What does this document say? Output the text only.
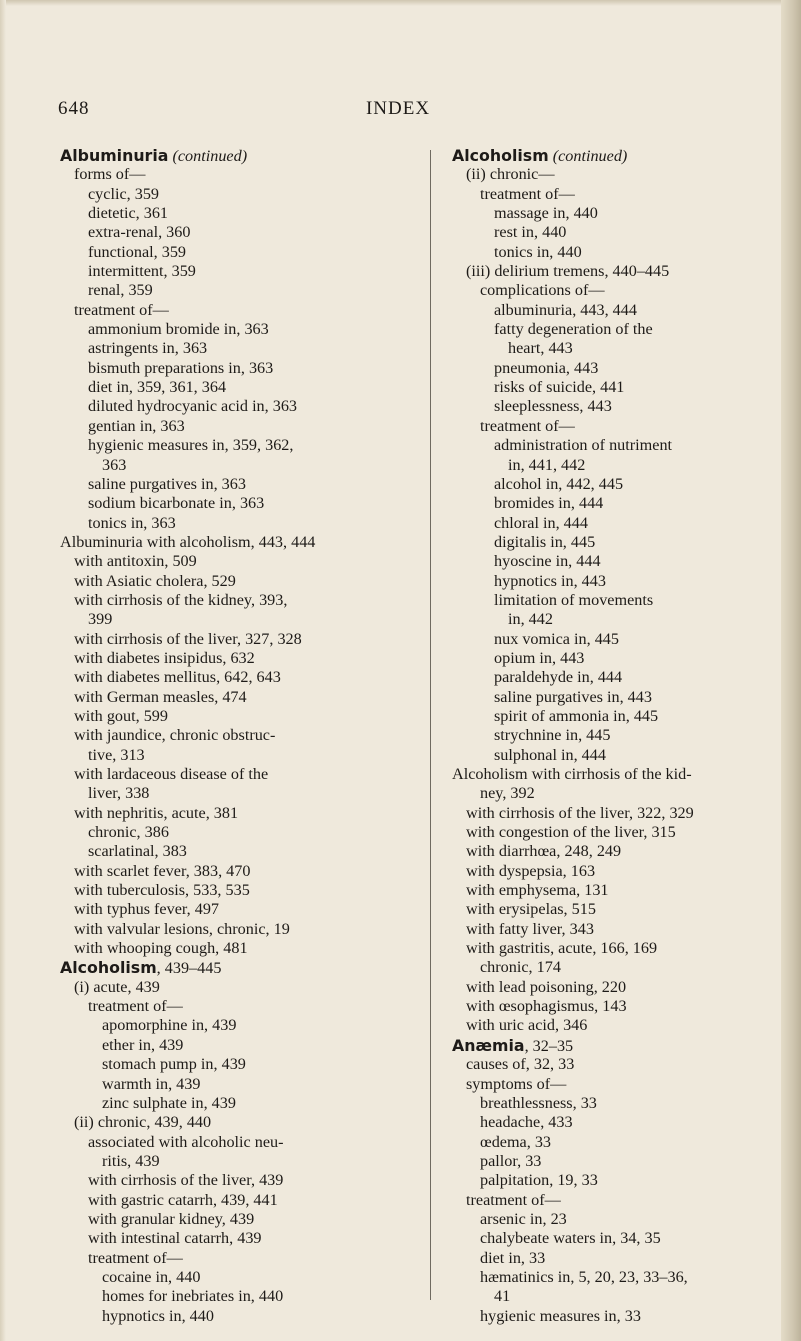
648	INDEX
Albuminuria (continued)
forms of—
cyclic, 359
dietetic, 361
extra-renal, 360
functional, 359
intermittent, 359
renal, 359
treatment of—
ammonium bromide in, 363
astringents in, 363
bismuth preparations in, 363
diet in, 359, 361, 364
diluted hydrocyanic acid in, 363
gentian in, 363
hygienic measures in, 359, 362,
363
saline purgatives in, 363
sodium bicarbonate in, 363
tonics in, 363
Albuminuria with alcoholism, 443, 444
with antitoxin, 509
with Asiatic cholera, 529
with cirrhosis of the kidney, 393,
399
with cirrhosis of the liver, 327, 328
with diabetes insipidus, 632
with diabetes mellitus, 642, 643
with German measles, 474
with gout, 599
with jaundice, chronic obstruc-
tive, 313
with lardaceous disease of the
liver, 338
with nephritis, acute, 381
chronic, 386
scarlatinal, 383
with scarlet fever, 383, 470
with tuberculosis, 533, 535
with typhus fever, 497
with valvular lesions, chronic, 19
with whooping cough, 481
Alcoholism, 439–445
(i) acute, 439
treatment of—
apomorphine in, 439
ether in, 439
stomach pump in, 439
warmth in, 439
zinc sulphate in, 439
(ii) chronic, 439, 440
associated with alcoholic neu-
ritis, 439
with cirrhosis of the liver, 439
with gastric catarrh, 439, 441
with granular kidney, 439
with intestinal catarrh, 439
treatment of—
cocaine in, 440
homes for inebriates in, 440
hypnotics in, 440
Alcoholism (continued)
(ii) chronic—
treatment of—
massage in, 440
rest in, 440
tonics in, 440
(iii) delirium tremens, 440–445
complications of—
albuminuria, 443, 444
fatty degeneration of the
heart, 443
pneumonia, 443
risks of suicide, 441
sleeplessness, 443
treatment of—
administration of nutriment
in, 441, 442
alcohol in, 442, 445
bromides in, 444
chloral in, 444
digitalis in, 445
hyoscine in, 444
hypnotics in, 443
limitation of movements
in, 442
nux vomica in, 445
opium in, 443
paraldehyde in, 444
saline purgatives in, 443
spirit of ammonia in, 445
strychnine in, 445
sulphonal in, 444
Alcoholism with cirrhosis of the kid-
ney, 392
with cirrhosis of the liver, 322, 329
with congestion of the liver, 315
with diarrhœa, 248, 249
with dyspepsia, 163
with emphysema, 131
with erysipelas, 515
with fatty liver, 343
with gastritis, acute, 166, 169
chronic, 174
with lead poisoning, 220
with œsophagismus, 143
with uric acid, 346
Anæmia, 32–35
causes of, 32, 33
symptoms of—
breathlessness, 33
headache, 433
œdema, 33
pallor, 33
palpitation, 19, 33
treatment of—
arsenic in, 23
chalybeate waters in, 34, 35
diet in, 33
hæmatinics in, 5, 20, 23, 33–36,
41
hygienic measures in, 33
